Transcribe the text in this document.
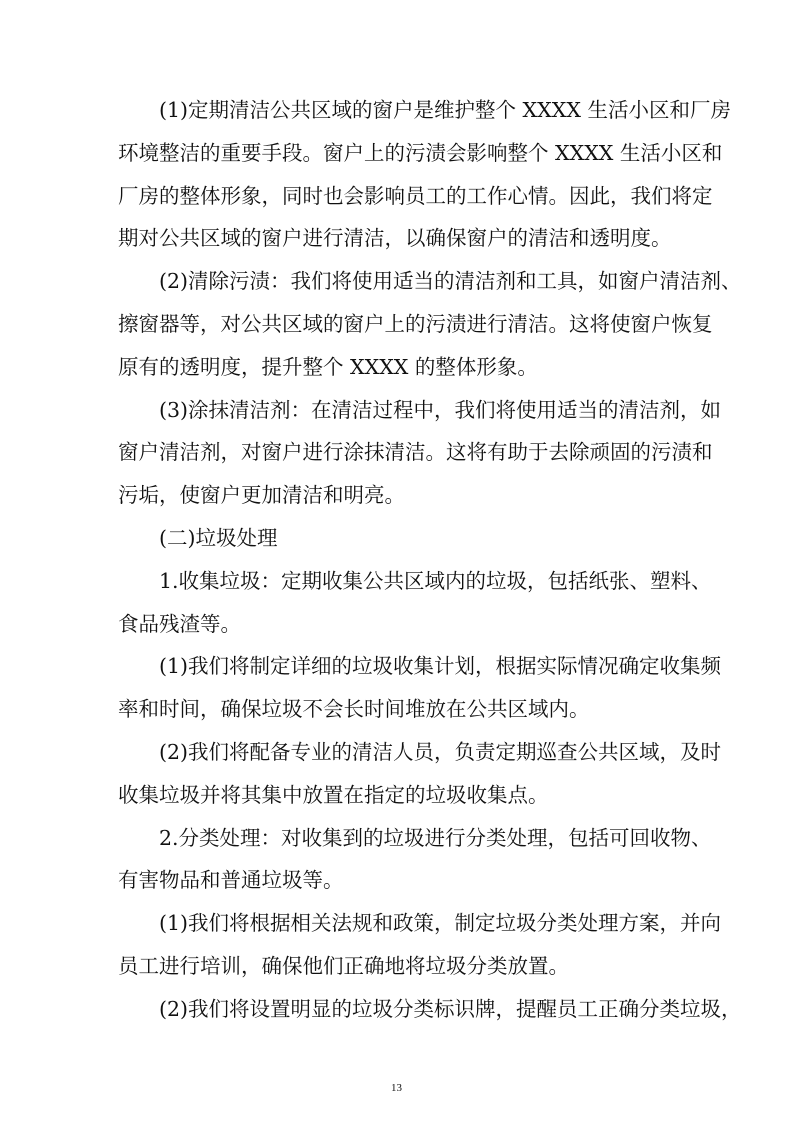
(1)定期清洁公共区域的窗户是维护整个 XXXX 生活小区和厂房
环境整洁的重要手段。窗户上的污渍会影响整个 XXXX 生活小区和
厂房的整体形象，同时也会影响员工的工作心情。因此，我们将定
期对公共区域的窗户进行清洁，以确保窗户的清洁和透明度。
(2)清除污渍：我们将使用适当的清洁剂和工具，如窗户清洁剂、
擦窗器等，对公共区域的窗户上的污渍进行清洁。这将使窗户恢复
原有的透明度，提升整个 XXXX 的整体形象。
(3)涂抹清洁剂：在清洁过程中，我们将使用适当的清洁剂，如
窗户清洁剂，对窗户进行涂抹清洁。这将有助于去除顽固的污渍和
污垢，使窗户更加清洁和明亮。
(二)垃圾处理
1.收集垃圾：定期收集公共区域内的垃圾，包括纸张、塑料、
食品残渣等。
(1)我们将制定详细的垃圾收集计划，根据实际情况确定收集频
率和时间，确保垃圾不会长时间堆放在公共区域内。
(2)我们将配备专业的清洁人员，负责定期巡查公共区域，及时
收集垃圾并将其集中放置在指定的垃圾收集点。
2.分类处理：对收集到的垃圾进行分类处理，包括可回收物、
有害物品和普通垃圾等。
(1)我们将根据相关法规和政策，制定垃圾分类处理方案，并向
员工进行培训，确保他们正确地将垃圾分类放置。
(2)我们将设置明显的垃圾分类标识牌，提醒员工正确分类垃圾，
13
